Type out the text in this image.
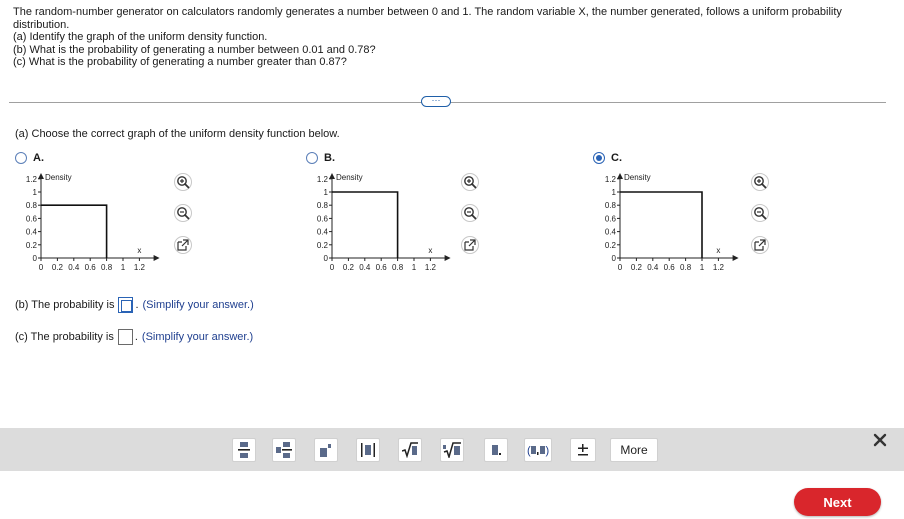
The random-number generator on calculators randomly generates a number between 0 and 1. The random variable X, the number generated, follows a uniform probability distribution.
(a) Identify the graph of the uniform density function.
(b) What is the probability of generating a number between 0.01 and 0.78?
(c) What is the probability of generating a number greater than 0.87?
···
(a) Choose the correct graph of the uniform density function below.
A.
Density
x
1.2
1
0.8
0.6
0.4
0.2
0
0 0.2 0.4 0.6 0.8 1 1.2
B.
Density
x
1.2
1
0.8
0.6
0.4
0.2
0
0 0.2 0.4 0.6 0.8 1 1.2
C.
Density
x
1.2
1
0.8
0.6
0.4
0.2
0
0 0.2 0.4 0.6 0.8 1 1.2
(b) The probability is . (Simplify your answer.)
(c) The probability is . (Simplify your answer.)
( )	More
Next
